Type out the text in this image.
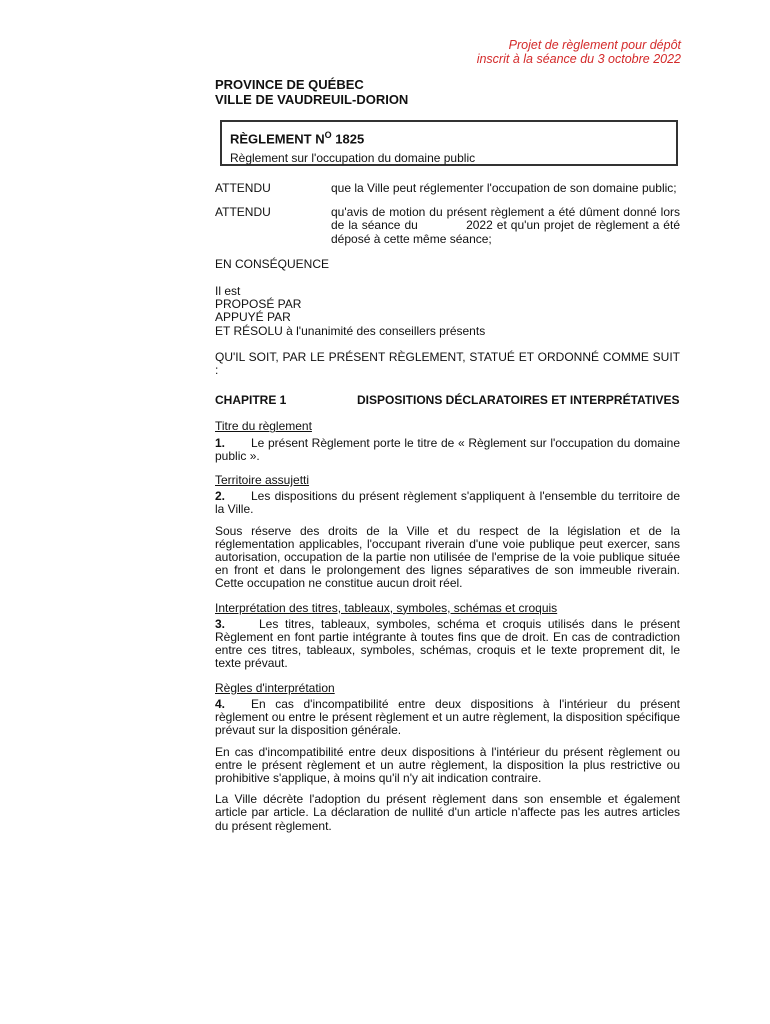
Projet de règlement pour dépôt
inscrit à la séance du 3 octobre 2022
PROVINCE DE QUÉBEC
VILLE DE VAUDREUIL-DORION
RÈGLEMENT $N^O$ 1825
Règlement sur l'occupation du domaine public
ATTENDU	que la Ville peut réglementer l'occupation de son domaine public;
ATTENDU	qu'avis de motion du présent règlement a été dûment donné lors de la séance du            2022 et qu'un projet de règlement a été déposé à cette même séance;

EN CONSÉQUENCE

Il est
PROPOSÉ PAR
APPUYÉ PAR
ET RÉSOLU à l'unanimité des conseillers présents

QU'IL SOIT, PAR LE PRÉSENT RÈGLEMENT, STATUÉ ET ORDONNÉ COMME SUIT :

CHAPITRE 1	DISPOSITIONS DÉCLARATOIRES ET INTERPRÉTATIVES

Titre du règlement

1. Le présent Règlement porte le titre de « Règlement sur l'occupation du domaine public ».

Territoire assujetti

2. Les dispositions du présent règlement s'appliquent à l'ensemble du territoire de la Ville.

Sous réserve des droits de la Ville et du respect de la législation et de la réglementation applicables, l'occupant riverain d'une voie publique peut exercer, sans autorisation, occupation de la partie non utilisée de l'emprise de la voie publique située en front et dans le prolongement des lignes séparatives de son immeuble riverain. Cette occupation ne constitue aucun droit réel.

Interprétation des titres, tableaux, symboles, schémas et croquis

3.	Les titres, tableaux, symboles, schéma et croquis utilisés dans le présent Règlement en font partie intégrante à toutes fins que de droit. En cas de contradiction entre ces titres, tableaux, symboles, schémas, croquis et le texte proprement dit, le texte prévaut.

Règles d'interprétation

4. En cas d'incompatibilité entre deux dispositions à l'intérieur du présent règlement ou entre le présent règlement et un autre règlement, la disposition spécifique prévaut sur la disposition générale.

En cas d'incompatibilité entre deux dispositions à l'intérieur du présent règlement ou entre le présent règlement et un autre règlement, la disposition la plus restrictive ou prohibitive s'applique, à moins qu'il n'y ait indication contraire.

La Ville décrète l'adoption du présent règlement dans son ensemble et également article par article. La déclaration de nullité d'un article n'affecte pas les autres articles du présent règlement.
